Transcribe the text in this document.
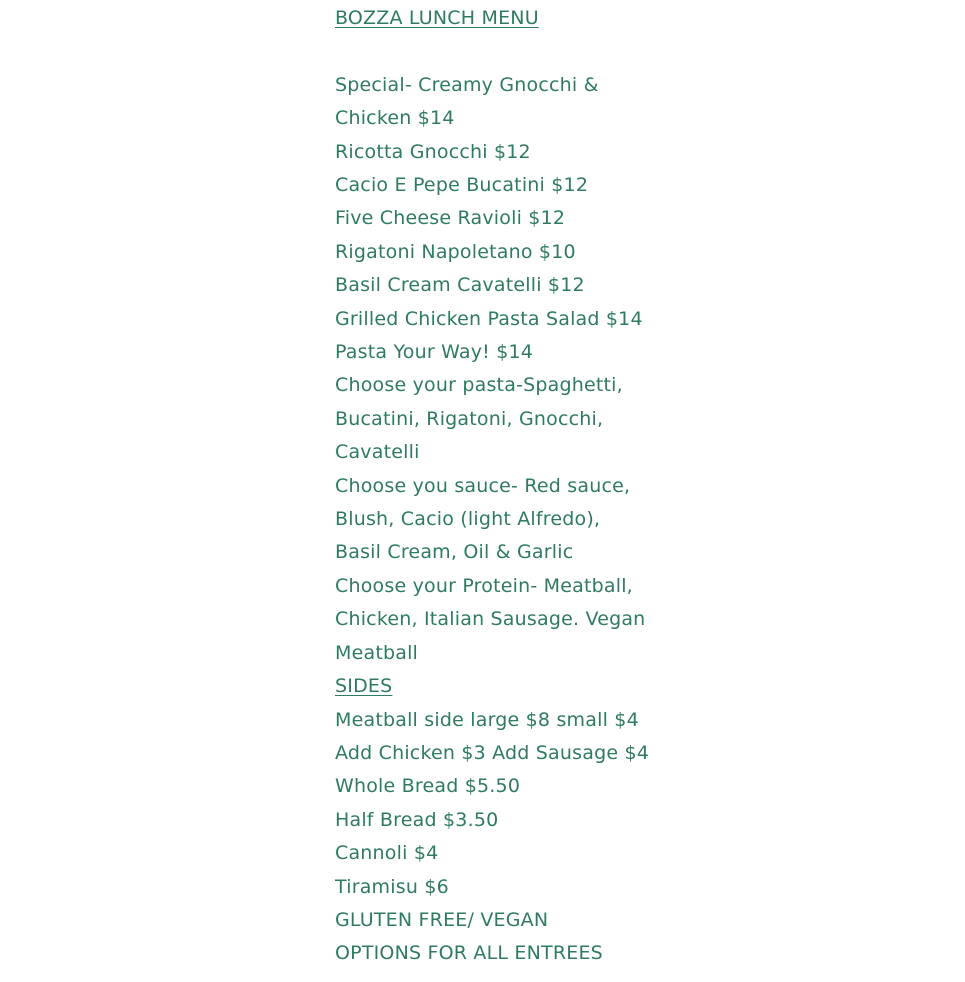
BOZZA LUNCH MENU
Special- Creamy Gnocchi &
Chicken $14
Ricotta Gnocchi $12
Cacio E Pepe Bucatini $12
Five Cheese Ravioli $12
Rigatoni Napoletano $10
Basil Cream Cavatelli $12
Grilled Chicken Pasta Salad $14
Pasta Your Way! $14
Choose your pasta-Spaghetti,
Bucatini, Rigatoni, Gnocchi,
Cavatelli
Choose you sauce- Red sauce,
Blush, Cacio (light Alfredo),
Basil Cream, Oil & Garlic
Choose your Protein- Meatball,
Chicken, Italian Sausage. Vegan
Meatball
SIDES
Meatball side large $8 small $4
Add Chicken $3 Add Sausage $4
Whole Bread $5.50
Half Bread $3.50
Cannoli $4
Tiramisu $6
GLUTEN FREE/ VEGAN
OPTIONS FOR ALL ENTREES
